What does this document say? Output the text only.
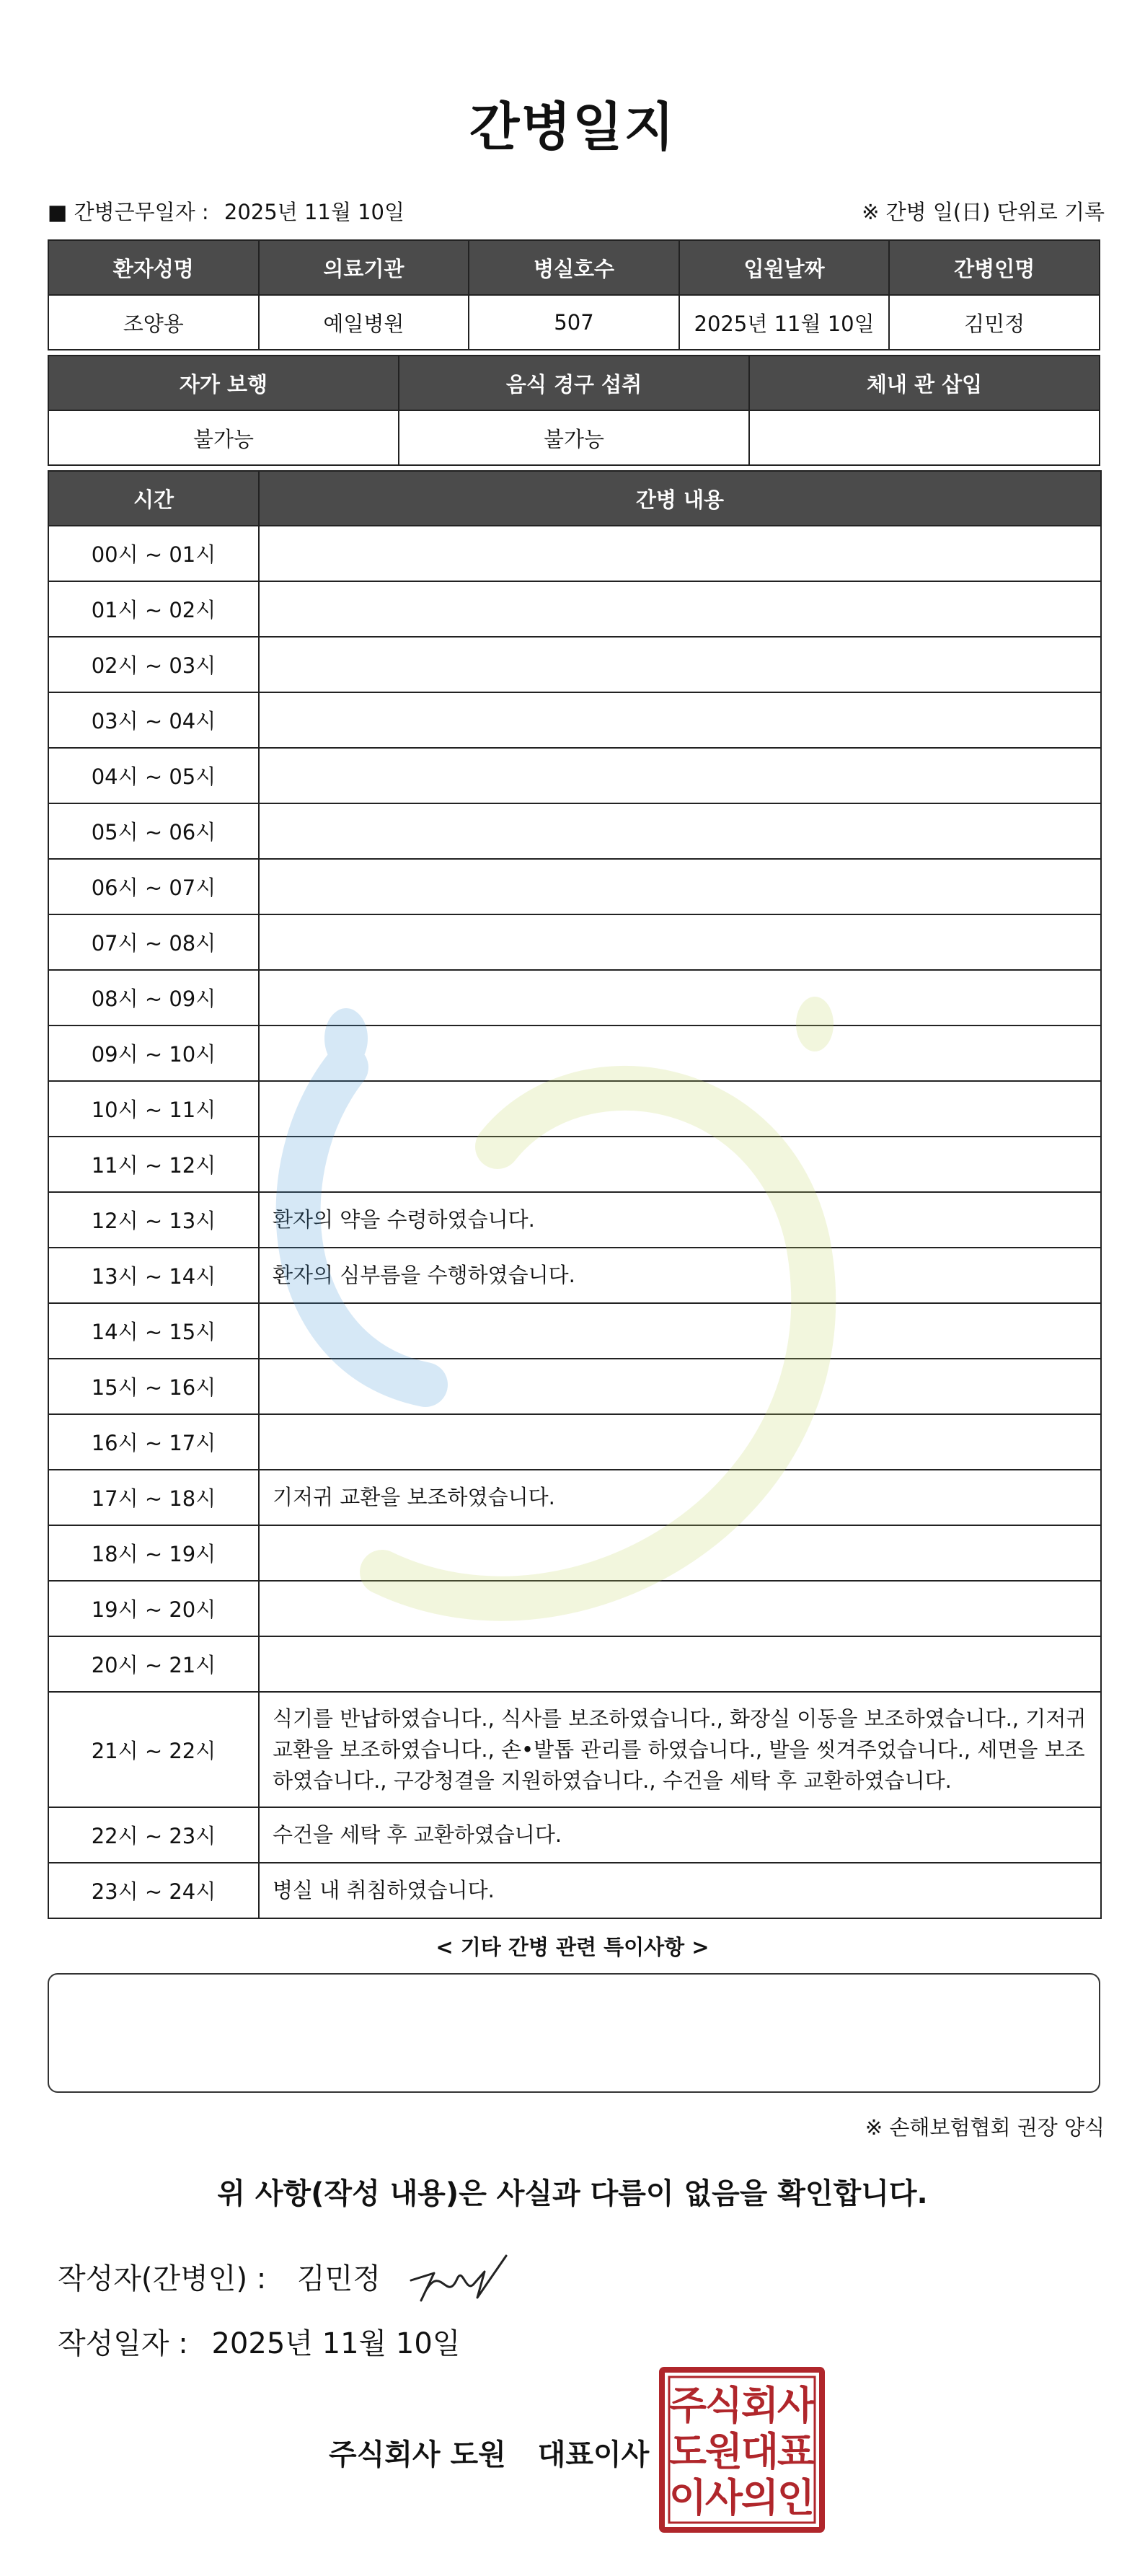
간병일지
■ 간병근무일자 : 2025년 11월 10일	※ 간병 일(日) 단위로 기록
환자성명	의료기관	병실호수	입원날짜	간병인명
조양용	예일병원	507	2025년 11월 10일	김민정
자가 보행	음식 경구 섭취	체내 관 삽입
불가능	불가능	
시간	간병 내용
00시 ~ 01시	
01시 ~ 02시	
02시 ~ 03시	
03시 ~ 04시	
04시 ~ 05시	
05시 ~ 06시	
06시 ~ 07시	
07시 ~ 08시	
08시 ~ 09시	
09시 ~ 10시	
10시 ~ 11시	
11시 ~ 12시	
12시 ~ 13시	환자의 약을 수령하였습니다.
13시 ~ 14시	환자의 심부름을 수행하였습니다.
14시 ~ 15시	
15시 ~ 16시	
16시 ~ 17시	
17시 ~ 18시	기저귀 교환을 보조하였습니다.
18시 ~ 19시	
19시 ~ 20시	
20시 ~ 21시	
21시 ~ 22시	식기를 반납하였습니다., 식사를 보조하였습니다., 화장실 이동을 보조하였습니다., 기저귀 교환을 보조하였습니다., 손•발톱 관리를 하였습니다., 발을 씻겨주었습니다., 세면을 보조하였습니다., 구강청결을 지원하였습니다., 수건을 세탁 후 교환하였습니다.
22시 ~ 23시	수건을 세탁 후 교환하였습니다.
23시 ~ 24시	병실 내 취침하였습니다.
< 기타 간병 관련 특이사항 >
※ 손해보험협회 권장 양식
위 사항(작성 내용)은 사실과 다름이 없음을 확인합니다.
작성자(간병인) : 김민정
작성일자 : 2025년 11월 10일
주식회사 도원 대표이사
주
식
회
사
도
원
대
표
이
사
의
인
